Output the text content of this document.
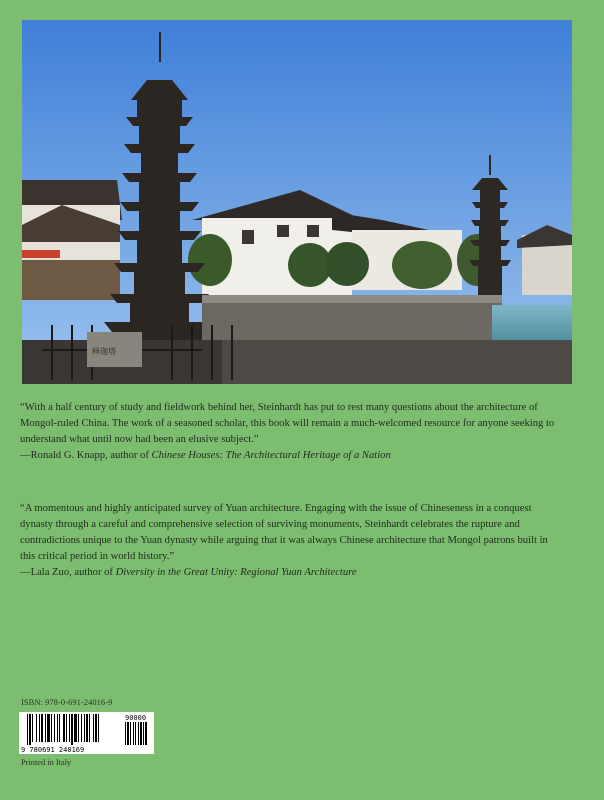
释迦塔

“With a half century of study and fieldwork behind her, Steinhardt has put to rest many questions about the architecture of Mongol-ruled China. The work of a seasoned scholar, this book will remain a much-welcomed resource for anyone seeking to understand what until now had been an elusive subject.”

—Ronald G. Knapp, author of Chinese Houses: The Architectural Heritage of a Nation

“A momentous and highly anticipated survey of Yuan architecture. Engaging with the issue of Chineseness in a conquest dynasty through a careful and comprehensive selection of surviving monuments, Steinhardt celebrates the rupture and contradictions unique to the Yuan dynasty while arguing that it was always Chinese architecture that Mongol patrons built in this critical period in world history.”

—Lala Zuo, author of Diversity in the Great Unity: Regional Yuan Architecture

ISBN: 978-0-691-24016-9
9 780691 240169
90000
Printed in Italy
